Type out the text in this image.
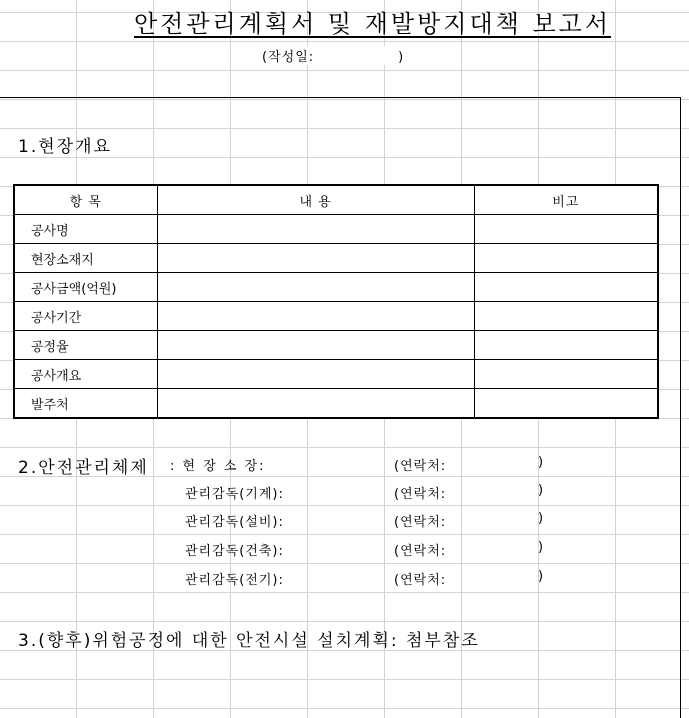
안전관리계획서 및 재발방지대책 보고서
(작성일:	)
1.현장개요
항 목	내 용	비고
공사명		
현장소재지		
공사금액(억원)		
공사기간		
공정율		
공사개요		
발주처		
2.안전관리체제 : 현 장 소 장:	(연락처:	)
관리감독(기계):	(연락처:	)
관리감독(설비):	(연락처:	)
관리감독(건축):	(연락처:	)
관리감독(전기):	(연락처:	)
3.(향후)위험공정에 대한 안전시설 설치계획: 첨부참조
